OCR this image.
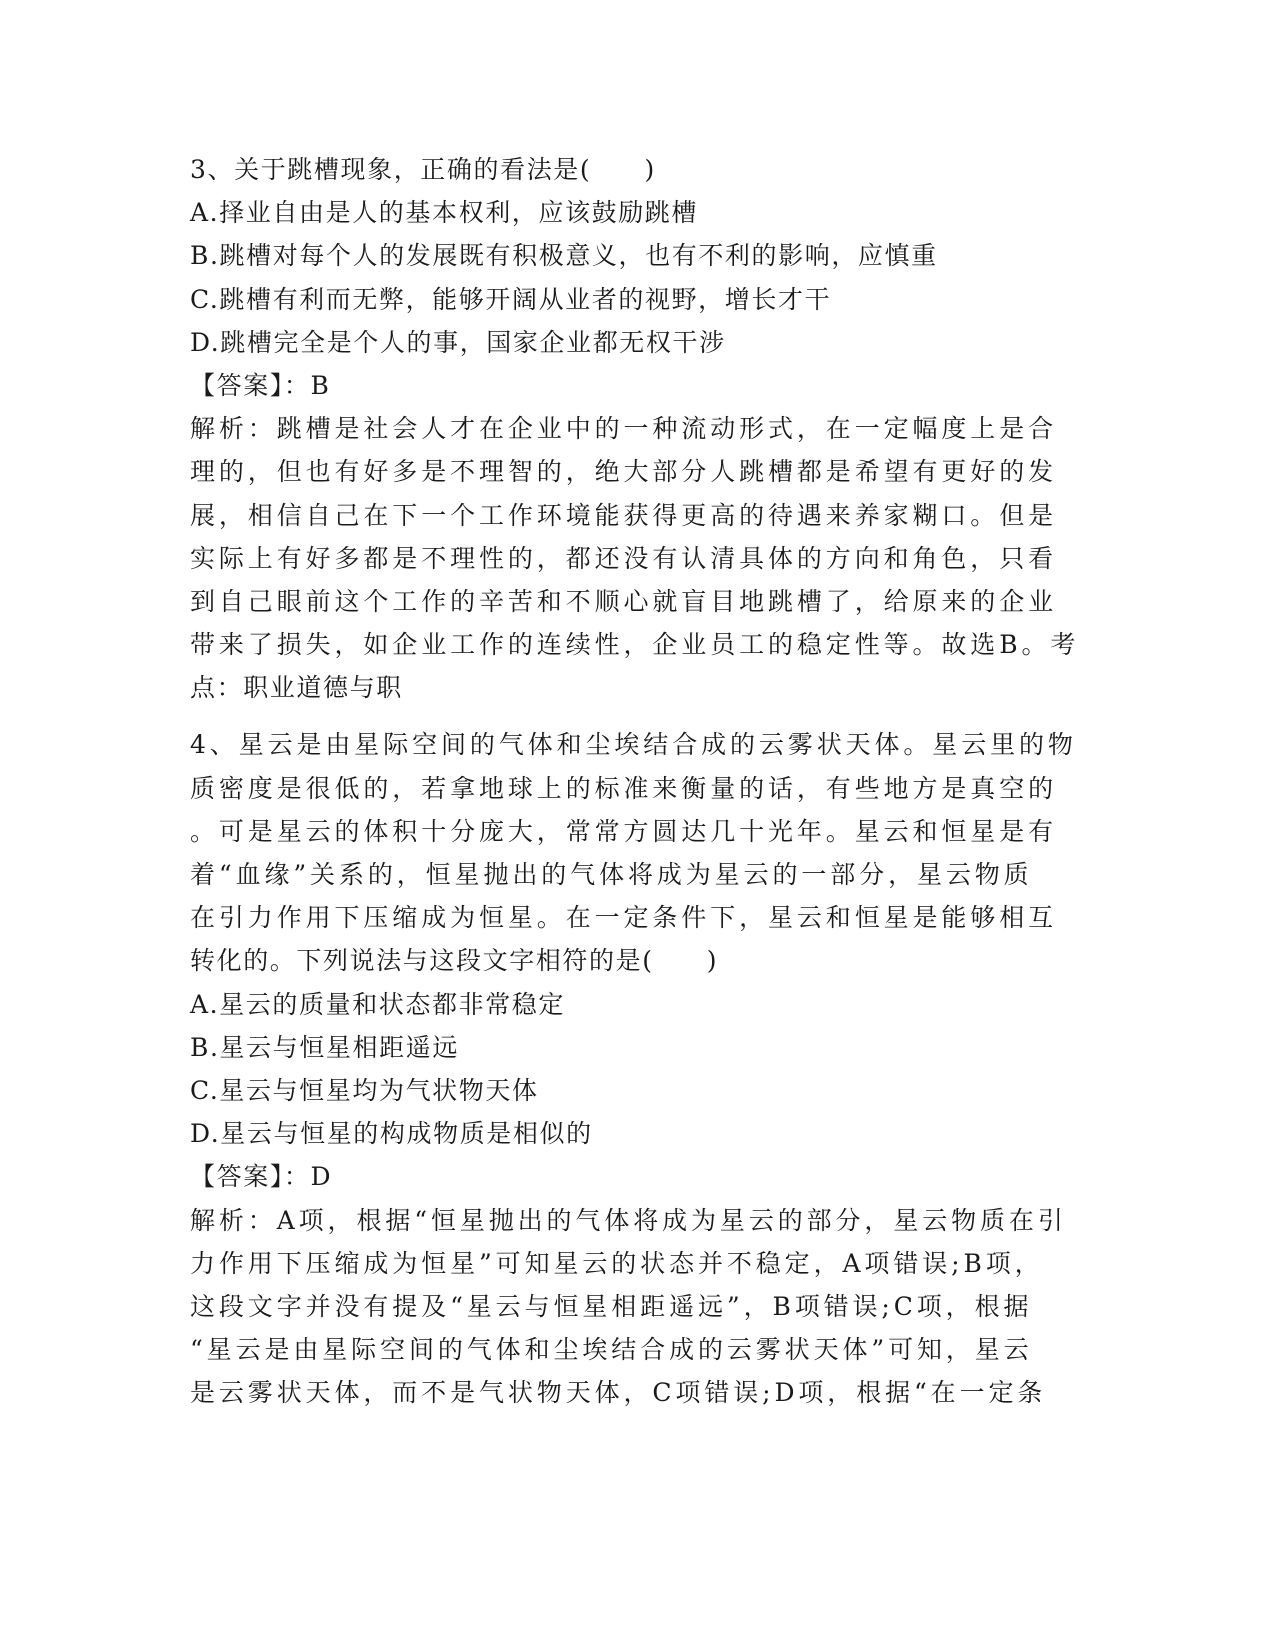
3、关于跳槽现象，正确的看法是(　　)
A.择业自由是人的基本权利，应该鼓励跳槽
B.跳槽对每个人的发展既有积极意义，也有不利的影响，应慎重
C.跳槽有利而无弊，能够开阔从业者的视野，增长才干
D.跳槽完全是个人的事，国家企业都无权干涉
【答案】：B
解析：跳槽是社会人才在企业中的一种流动形式，在一定幅度上是合
理的，但也有好多是不理智的，绝大部分人跳槽都是希望有更好的发
展，相信自己在下一个工作环境能获得更高的待遇来养家糊口。但是
实际上有好多都是不理性的，都还没有认清具体的方向和角色，只看
到自己眼前这个工作的辛苦和不顺心就盲目地跳槽了，给原来的企业
带来了损失，如企业工作的连续性，企业员工的稳定性等。故选B。考
点：职业道德与职
4、星云是由星际空间的气体和尘埃结合成的云雾状天体。星云里的物
质密度是很低的，若拿地球上的标准来衡量的话，有些地方是真空的
。可是星云的体积十分庞大，常常方圆达几十光年。星云和恒星是有
着“血缘”关系的，恒星抛出的气体将成为星云的一部分，星云物质
在引力作用下压缩成为恒星。在一定条件下，星云和恒星是能够相互
转化的。下列说法与这段文字相符的是(　　)
A.星云的质量和状态都非常稳定
B.星云与恒星相距遥远
C.星云与恒星均为气状物天体
D.星云与恒星的构成物质是相似的
【答案】：D
解析：A项，根据“恒星抛出的气体将成为星云的部分，星云物质在引
力作用下压缩成为恒星”可知星云的状态并不稳定，A项错误;B项，
这段文字并没有提及“星云与恒星相距遥远”，B项错误;C项，根据
“星云是由星际空间的气体和尘埃结合成的云雾状天体”可知，星云
是云雾状天体，而不是气状物天体，C项错误;D项，根据“在一定条
